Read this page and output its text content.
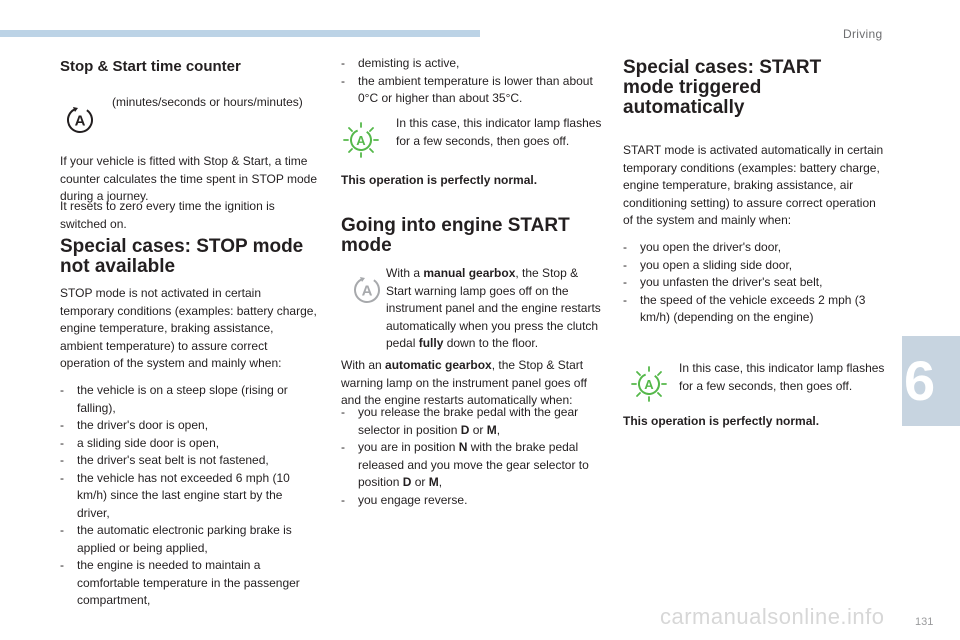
Driving
6
Stop & Start time counter
A

(minutes/seconds or hours/minutes)

If your vehicle is fitted with Stop & Start, a time counter calculates the time spent in STOP mode during a journey.

It resets to zero every time the ignition is switched on.

Special cases: STOP mode not available

STOP mode is not activated in certain temporary conditions (examples: battery charge, engine temperature, braking assistance, ambient temperature) to assure correct operation of the system and mainly when:

- the vehicle is on a steep slope (rising or falling),
- the driver's door is open,
- a sliding side door is open,
- the driver's seat belt is not fastened,
- the vehicle has not exceeded 6 mph (10 km/h) since the last engine start by the driver,
- the automatic electronic parking brake is applied or being applied,
- the engine is needed to maintain a comfortable temperature in the passenger compartment,
- demisting is active,
- the ambient temperature is lower than about 0°C or higher than about 35°C.
A

In this case, this indicator lamp flashes for a few seconds, then goes off.

This operation is perfectly normal.

Going into engine START mode
A

With a manual gearbox, the Stop & Start warning lamp goes off on the instrument panel and the engine restarts automatically when you press the clutch pedal fully down to the floor.

With an automatic gearbox, the Stop & Start warning lamp on the instrument panel goes off and the engine restarts automatically when:

- you release the brake pedal with the gear selector in position D or M,
- you are in position N with the brake pedal released and you move the gear selector to position D or M,
- you engage reverse.
Special cases: START mode triggered automatically

START mode is activated automatically in certain temporary conditions (examples: battery charge, engine temperature, braking assistance, air conditioning setting) to assure correct operation of the system and mainly when:

- you open the driver's door,
- you open a sliding side door,
- you unfasten the driver's seat belt,
- the speed of the vehicle exceeds 2 mph (3 km/h) (depending on the engine)
A

In this case, this indicator lamp flashes for a few seconds, then goes off.

This operation is perfectly normal.

carmanualsonline.info	131
